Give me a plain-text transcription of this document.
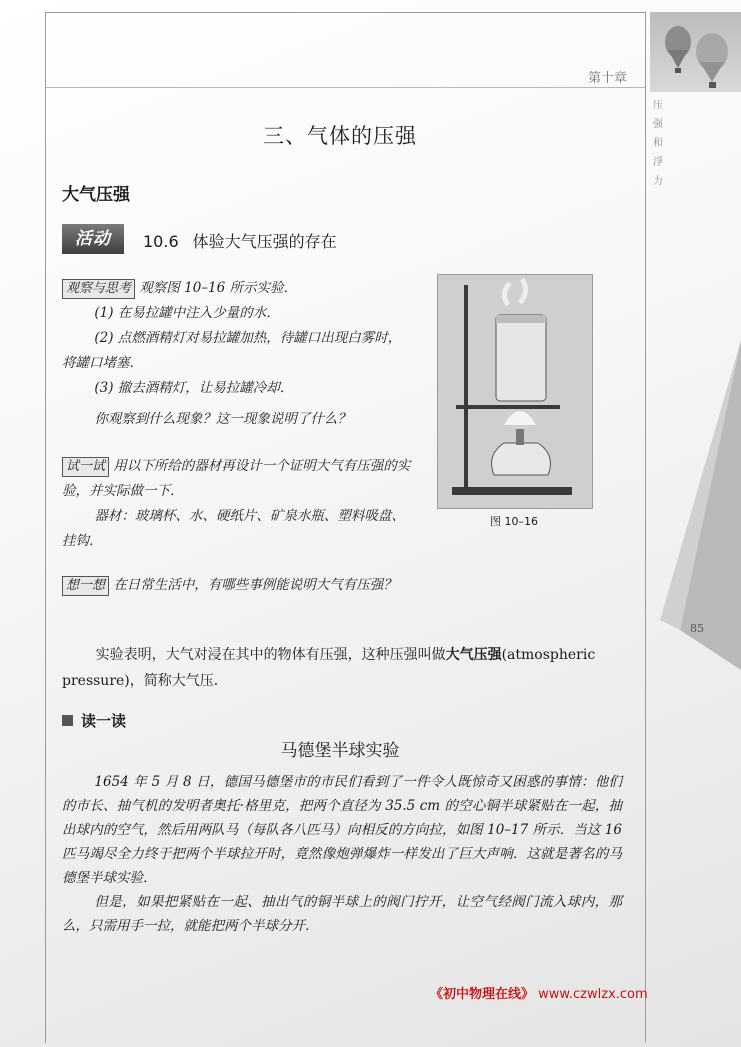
第十章
压
强
和
浮
力
85
三、气体的压强
大气压强
活动	10.6 体验大气压强的存在
观察与思考 观察图 10–16 所示实验．
(1) 在易拉罐中注入少量的水．
(2) 点燃酒精灯对易拉罐加热，待罐口出现白雾时，将罐口堵塞．
(3) 撤去酒精灯，让易拉罐冷却．
你观察到什么现象？这一现象说明了什么？
试一试 用以下所给的器材再设计一个证明大气有压强的实验，并实际做一下．
器材：玻璃杯、水、硬纸片、矿泉水瓶、塑料吸盘、挂钩．
想一想 在日常生活中，有哪些事例能说明大气有压强？
图 10–16
实验表明，大气对浸在其中的物体有压强，这种压强叫做大气压强(atmospheric pressure)，简称大气压．
读一读
马德堡半球实验

1654 年 5 月 8 日，德国马德堡市的市民们看到了一件令人既惊奇又困惑的事情：他们的市长、抽气机的发明者奥托·格里克，把两个直径为 35.5 cm 的空心铜半球紧贴在一起，抽出球内的空气，然后用两队马（每队各八匹马）向相反的方向拉，如图 10–17 所示．当这 16 匹马竭尽全力终于把两个半球拉开时，竟然像炮弹爆炸一样发出了巨大声响．这就是著名的马德堡半球实验．

但是，如果把紧贴在一起、抽出气的铜半球上的阀门拧开，让空气经阀门流入球内，那么，只需用手一拉，就能把两个半球分开．

《初中物理在线》 www.czwlzx.com
